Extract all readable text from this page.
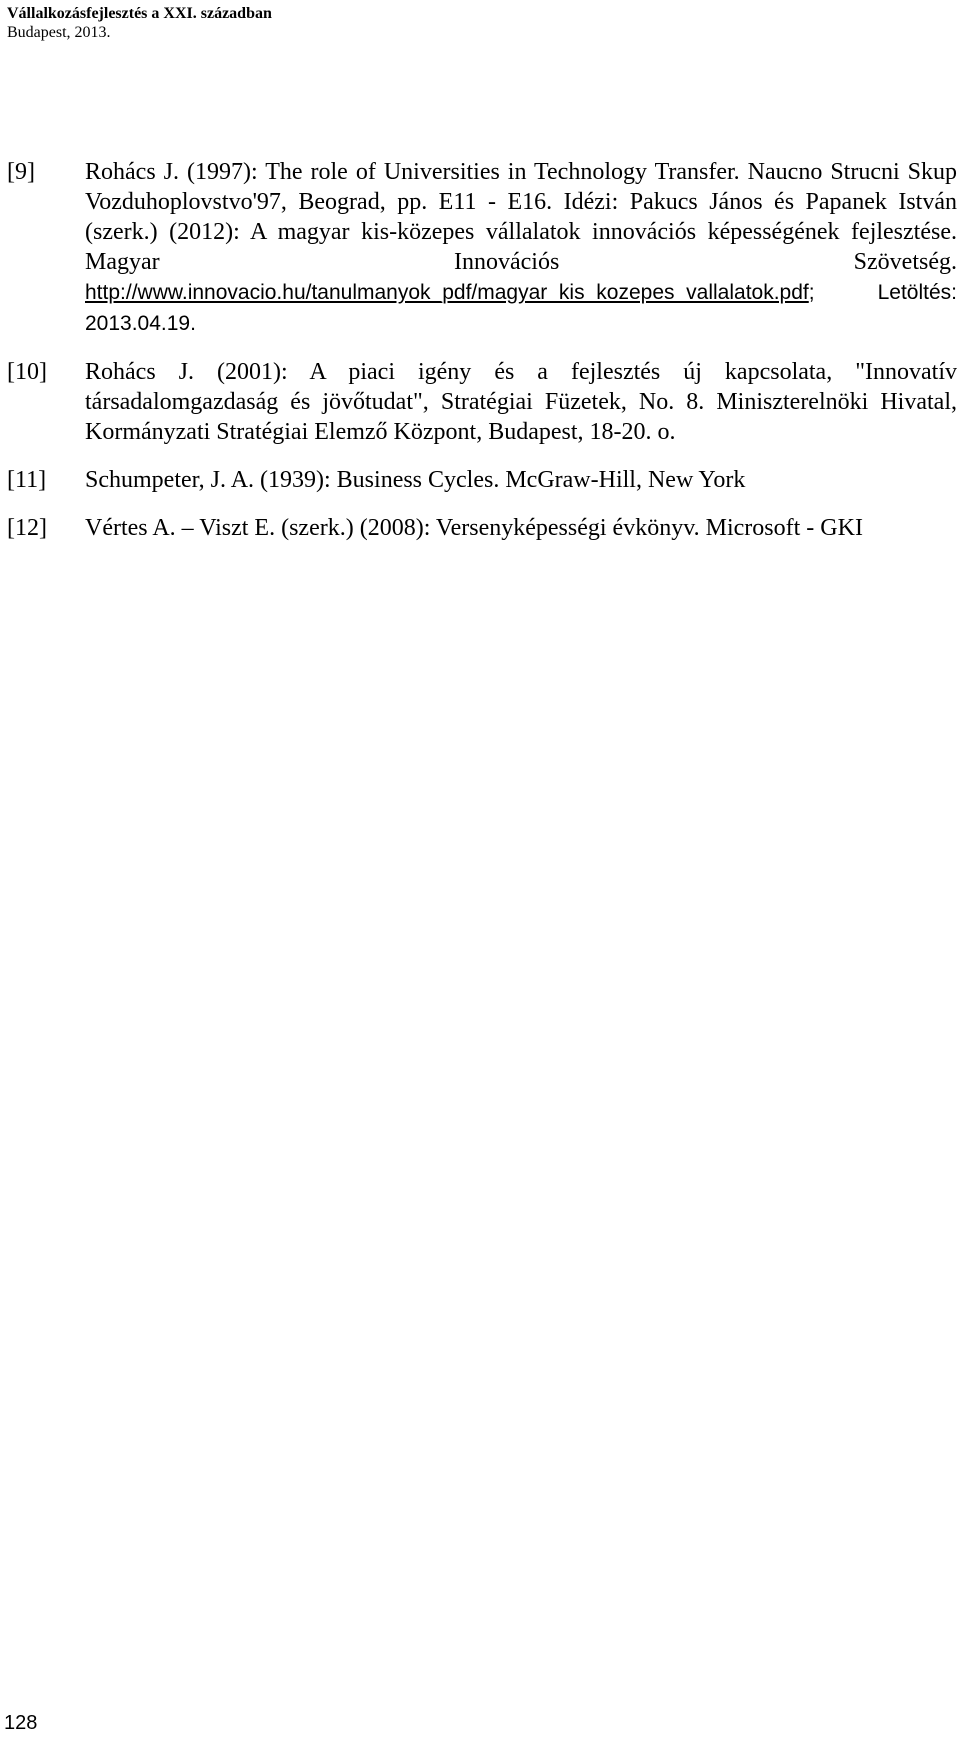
Vállalkozásfejlesztés a XXI. században
Budapest, 2013.
[9]	Rohács J. (1997): The role of Universities in Technology Transfer. Naucno Strucni Skup Vozduhoplovstvo'97, Beograd, pp. E11 - E16. Idézi: Pakucs János és Papanek István (szerk.) (2012): A magyar kis-közepes vállalatok innovációs képességének fejlesztése. Magyar Innovációs Szövetség. http://www.innovacio.hu/tanulmanyok_pdf/magyar_kis_kozepes_vallalatok.pdf; Letöltés: 2013.04.19.
[10]	Rohács J. (2001): A piaci igény és a fejlesztés új kapcsolata, "Innovatív társadalomgazdaság és jövőtudat", Stratégiai Füzetek, No. 8. Miniszterelnöki Hivatal, Kormányzati Stratégiai Elemző Központ, Budapest, 18-20. o.
[11]	Schumpeter, J. A. (1939): Business Cycles. McGraw-Hill, New York
[12]	Vértes A. – Viszt E. (szerk.) (2008): Versenyképességi évkönyv. Microsoft - GKI
128
